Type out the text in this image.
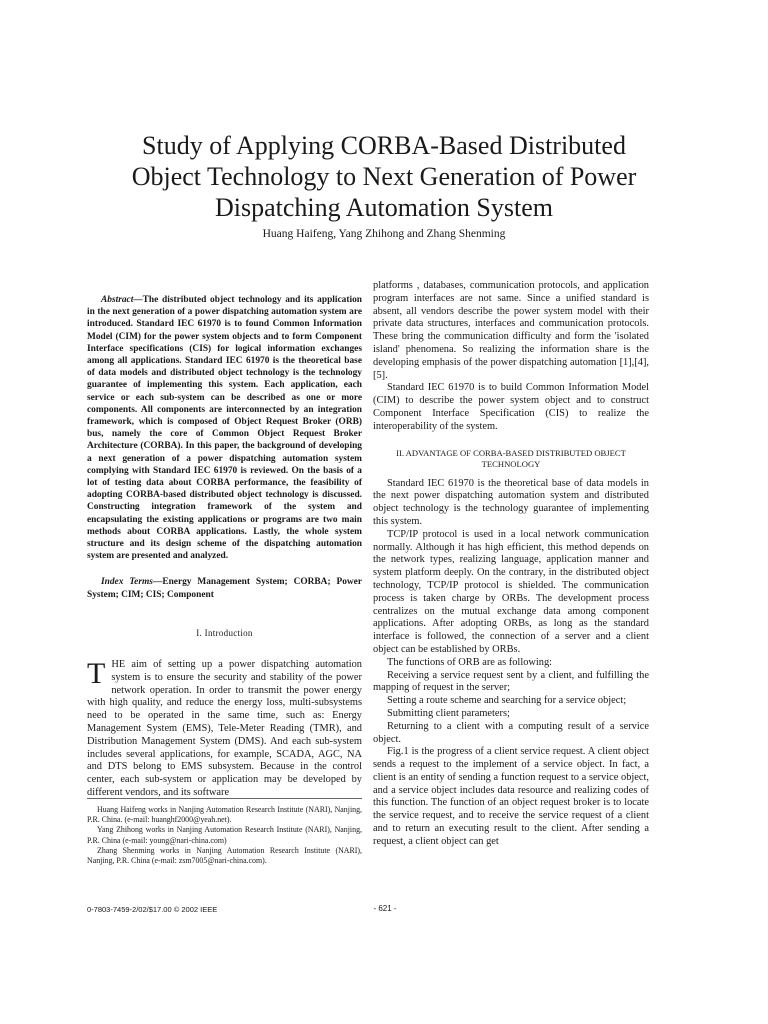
Study of Applying CORBA-Based Distributed
Object Technology to Next Generation of Power
Dispatching Automation System
Huang Haifeng, Yang Zhihong and Zhang Shenming

Abstract—The distributed object technology and its application in the next generation of a power dispatching automation system are introduced. Standard IEC 61970 is to found Common Information Model (CIM) for the power system objects and to form Component Interface specifications (CIS) for logical information exchanges among all applications. Standard IEC 61970 is the theoretical base of data models and distributed object technology is the technology guarantee of implementing this system. Each application, each service or each sub-system can be described as one or more components. All components are interconnected by an integration framework, which is composed of Object Request Broker (ORB) bus, namely the core of Common Object Request Broker Architecture (CORBA). In this paper, the background of developing a next generation of a power dispatching automation system complying with Standard IEC 61970 is reviewed. On the basis of a lot of testing data about CORBA performance, the feasibility of adopting CORBA-based distributed object technology is discussed. Constructing integration framework of the system and encapsulating the existing applications or programs are two main methods about CORBA applications. Lastly, the whole system structure and its design scheme of the dispatching automation system are presented and analyzed.

Index Terms—Energy Management System; CORBA; Power System; CIM; CIS; Component

I. Introduction

THE aim of setting up a power dispatching automation system is to ensure the security and stability of the power network operation. In order to transmit the power energy with high quality, and reduce the energy loss, multi-subsystems need to be operated in the same time, such as: Energy Management System (EMS), Tele-Meter Reading (TMR), and Distribution Management System (DMS). And each sub-system includes several applications, for example, SCADA, AGC, NA and DTS belong to EMS subsystem. Because in the control center, each sub-system or application may be developed by different vendors, and its software

Huang Haifeng works in Nanjing Automation Research Institute (NARI), Nanjing, P.R. China. (e-mail: huanghf2000@yeah.net).

Yang Zhihong works in Nanjing Automation Research Institute (NARI), Nanjing, P.R. China (e-mail: young@nari-china.com)

Zhang Shenming works in Nanjing Automation Research Institute (NARI), Nanjing, P.R. China (e-mail: zsm7005@nari-china.com).

platforms , databases, communication protocols, and application program interfaces are not same. Since a unified standard is absent, all vendors describe the power system model with their private data structures, interfaces and communication protocols. These bring the communication difficulty and form the 'isolated island' phenomena. So realizing the information share is the developing emphasis of the power dispatching automation [1],[4],[5].

Standard IEC 61970 is to build Common Information Model (CIM) to describe the power system object and to construct Component Interface Specification (CIS) to realize the interoperability of the system.

II. ADVANTAGE OF CORBA-BASED DISTRIBUTED OBJECT TECHNOLOGY

Standard IEC 61970 is the theoretical base of data models in the next power dispatching automation system and distributed object technology is the technology guarantee of implementing this system.

TCP/IP protocol is used in a local network communication normally. Although it has high efficient, this method depends on the network types, realizing language, application manner and system platform deeply. On the contrary, in the distributed object technology, TCP/IP protocol is shielded. The communication process is taken charge by ORBs. The development process centralizes on the mutual exchange data among component applications. After adopting ORBs, as long as the standard interface is followed, the connection of a server and a client object can be established by ORBs.

The functions of ORB are as following:

Receiving a service request sent by a client, and fulfilling the mapping of request in the server;

Setting a route scheme and searching for a service object;

Submitting client parameters;

Returning to a client with a computing result of a service object.

Fig.1 is the progress of a client service request. A client object sends a request to the implement of a service object. In fact, a client is an entity of sending a function request to a service object, and a service object includes data resource and realizing codes of this function. The function of an object request broker is to locate the service request, and to receive the service request of a client and to return an executing result to the client. After sending a request, a client object can get

0-7803-7459-2/02/$17.00 © 2002 IEEE	- 621 -
